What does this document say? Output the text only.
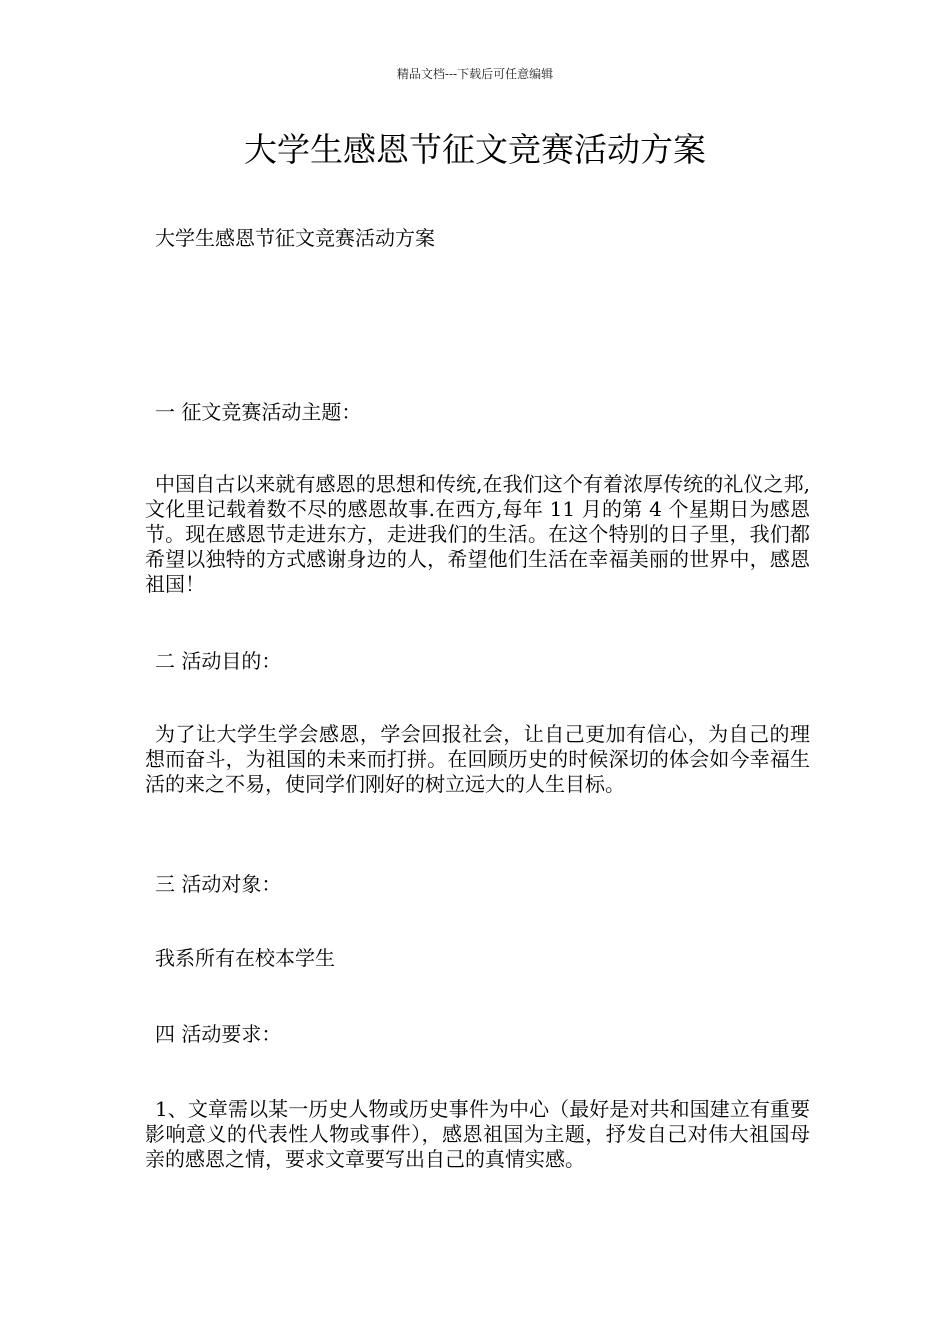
精品文档---下载后可任意编辑
大学生感恩节征文竞赛活动方案

大学生感恩节征文竞赛活动方案

一 征文竞赛活动主题：

中国自古以来就有感恩的思想和传统,在我们这个有着浓厚传统的礼仪之邦,文化里记载着数不尽的感恩故事.在西方,每年 11 月的第 4 个星期日为感恩节。现在感恩节走进东方，走进我们的生活。在这个特别的日子里，我们都希望以独特的方式感谢身边的人，希望他们生活在幸福美丽的世界中，感恩祖国！

二 活动目的：

为了让大学生学会感恩，学会回报社会，让自己更加有信心，为自己的理想而奋斗，为祖国的未来而打拼。在回顾历史的时候深切的体会如今幸福生活的来之不易，使同学们刚好的树立远大的人生目标。

三 活动对象：

我系所有在校本学生

四 活动要求：

1、文章需以某一历史人物或历史事件为中心（最好是对共和国建立有重要影响意义的代表性人物或事件），感恩祖国为主题，抒发自己对伟大祖国母亲的感恩之情，要求文章要写出自己的真情实感。
